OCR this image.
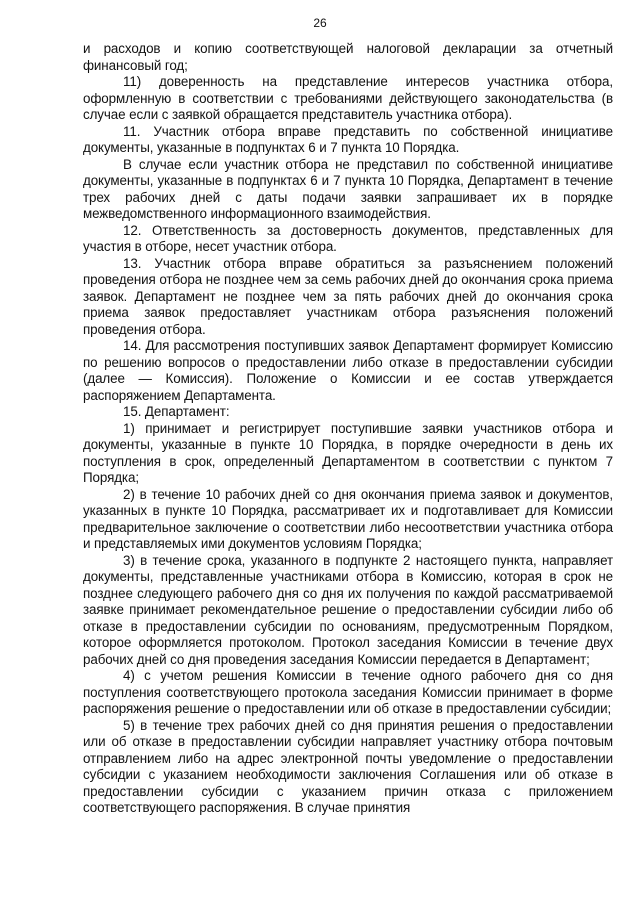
26

и расходов и копию соответствующей налоговой декларации за отчетный финансовый год;

11) доверенность на представление интересов участника отбора, оформленную в соответствии с требованиями действующего законодательства (в случае если с заявкой обращается представитель участника отбора).

11. Участник отбора вправе представить по собственной инициативе документы, указанные в подпунктах 6 и 7 пункта 10 Порядка.

В случае если участник отбора не представил по собственной инициативе документы, указанные в подпунктах 6 и 7 пункта 10 Порядка, Департамент в течение трех рабочих дней с даты подачи заявки запрашивает их в порядке межведомственного информационного взаимодействия.

12. Ответственность за достоверность документов, представленных для участия в отборе, несет участник отбора.

13. Участник отбора вправе обратиться за разъяснением положений проведения отбора не позднее чем за семь рабочих дней до окончания срока приема заявок. Департамент не позднее чем за пять рабочих дней до окончания срока приема заявок предоставляет участникам отбора разъяснения положений проведения отбора.

14. Для рассмотрения поступивших заявок Департамент формирует Комиссию по решению вопросов о предоставлении либо отказе в предоставлении субсидии (далее — Комиссия). Положение о Комиссии и ее состав утверждается распоряжением Департамента.

15. Департамент:

1) принимает и регистрирует поступившие заявки участников отбора и документы, указанные в пункте 10 Порядка, в порядке очередности в день их поступления в срок, определенный Департаментом в соответствии с пунктом 7 Порядка;

2) в течение 10 рабочих дней со дня окончания приема заявок и документов, указанных в пункте 10 Порядка, рассматривает их и подготавливает для Комиссии предварительное заключение о соответствии либо несоответствии участника отбора и представляемых ими документов условиям Порядка;

3) в течение срока, указанного в подпункте 2 настоящего пункта, направляет документы, представленные участниками отбора в Комиссию, которая в срок не позднее следующего рабочего дня со дня их получения по каждой рассматриваемой заявке принимает рекомендательное решение о предоставлении субсидии либо об отказе в предоставлении субсидии по основаниям, предусмотренным Порядком, которое оформляется протоколом. Протокол заседания Комиссии в течение двух рабочих дней со дня проведения заседания Комиссии передается в Департамент;

4) с учетом решения Комиссии в течение одного рабочего дня со дня поступления соответствующего протокола заседания Комиссии принимает в форме распоряжения решение о предоставлении или об отказе в предоставлении субсидии;

5) в течение трех рабочих дней со дня принятия решения о предоставлении или об отказе в предоставлении субсидии направляет участнику отбора почтовым отправлением либо на адрес электронной почты уведомление о предоставлении субсидии с указанием необходимости заключения Соглашения или об отказе в предоставлении субсидии с указанием причин отказа с приложением соответствующего распоряжения. В случае принятия
